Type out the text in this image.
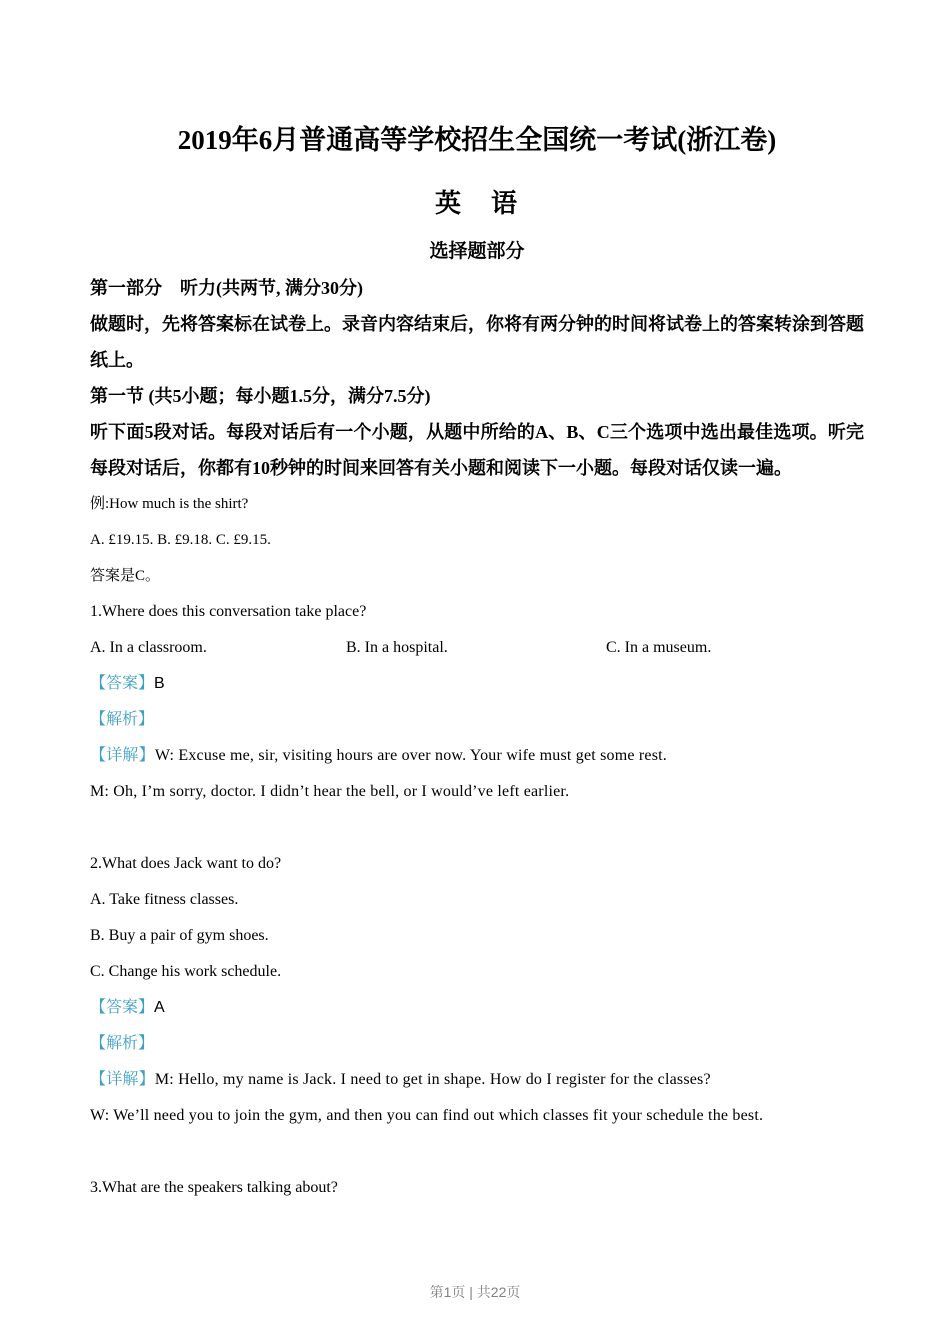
2019年6月普通高等学校招生全国统一考试(浙江卷)
英　语
选择题部分

第一部分　听力(共两节, 满分30分)

做题时，先将答案标在试卷上。录音内容结束后，你将有两分钟的时间将试卷上的答案转涂到答题纸上。

第一节 (共5小题；每小题1.5分，满分7.5分)

听下面5段对话。每段对话后有一个小题，从题中所给的A、B、C三个选项中选出最佳选项。听完每段对话后，你都有10秒钟的时间来回答有关小题和阅读下一小题。每段对话仅读一遍。

例:How much is the shirt?

A. £19.15. B. £9.18. C. £9.15.

答案是C。

1.Where does this conversation take place?

A. In a classroom.	B. In a hospital.	C. In a museum.

【答案】B

【解析】

【详解】W: Excuse me, sir, visiting hours are over now. Your wife must get some rest.

M: Oh, I’m sorry, doctor. I didn’t hear the bell, or I would’ve left earlier.

2.What does Jack want to do?

A. Take fitness classes.

B. Buy a pair of gym shoes.

C. Change his work schedule.

【答案】A

【解析】

【详解】M: Hello, my name is Jack. I need to get in shape. How do I register for the classes?

W: We’ll need you to join the gym, and then you can find out which classes fit your schedule the best.

3.What are the speakers talking about?

第1页 | 共22页
